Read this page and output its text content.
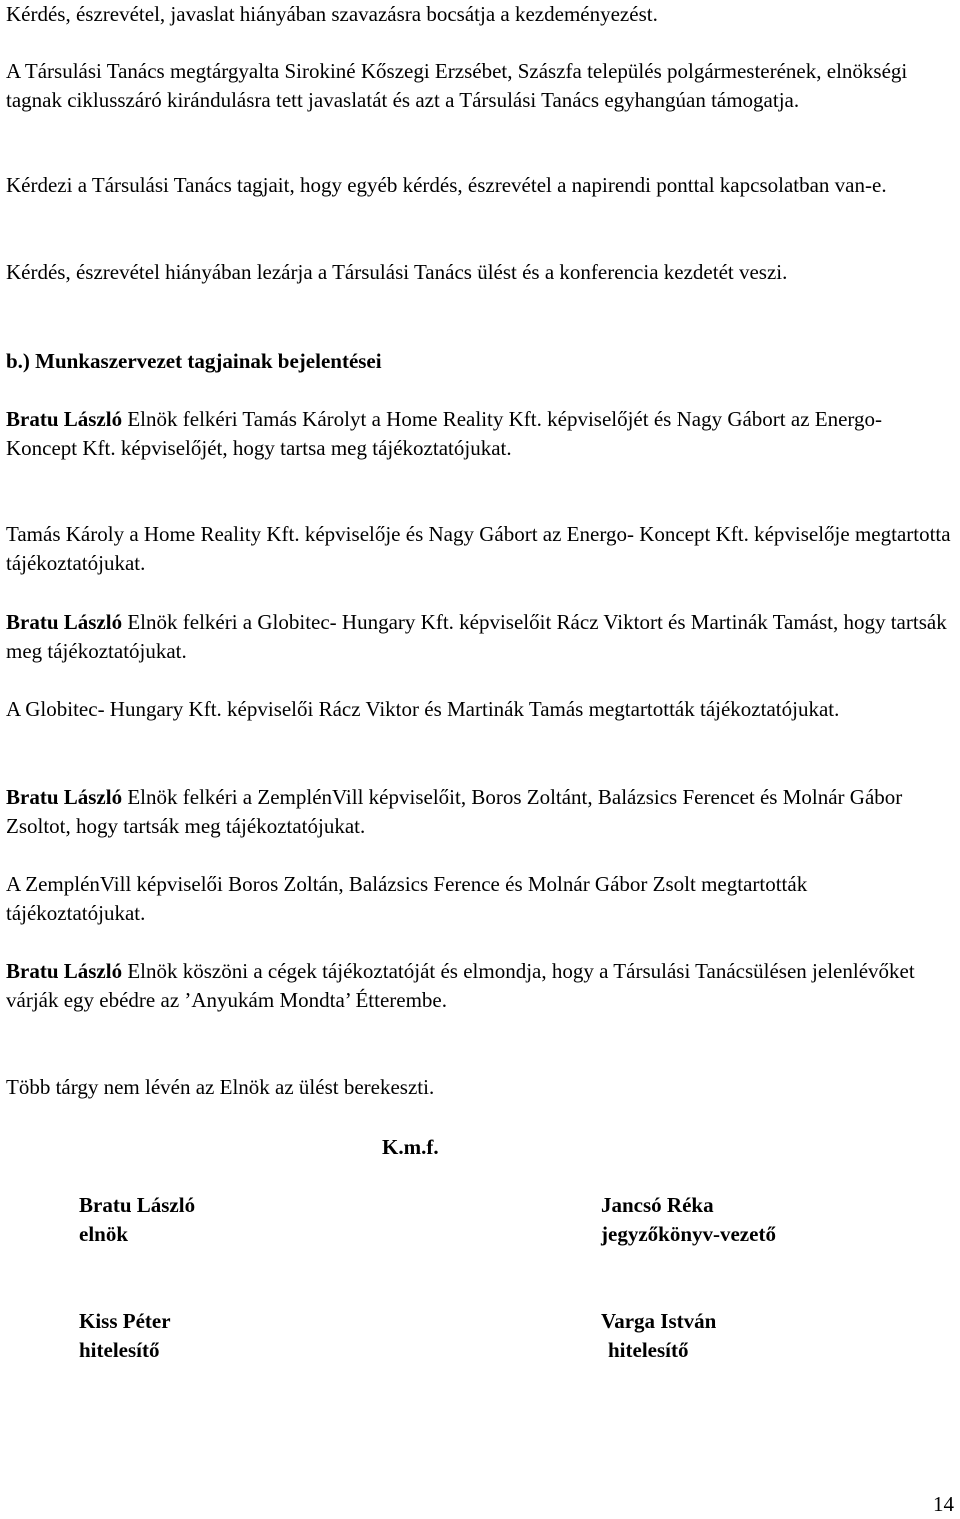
Kérdés, észrevétel, javaslat hiányában szavazásra bocsátja a kezdeményezést.

A Társulási Tanács megtárgyalta Sirokiné Kőszegi Erzsébet, Szászfa település polgármesterének, elnökségi tagnak ciklusszáró kirándulásra tett javaslatát és azt a Társulási Tanács egyhangúan támogatja.

Kérdezi a Társulási Tanács tagjait, hogy egyéb kérdés, észrevétel a napirendi ponttal kapcsolatban van-e.

Kérdés, észrevétel hiányában lezárja a Társulási Tanács ülést és a konferencia kezdetét veszi.

b.) Munkaszervezet tagjainak bejelentései

Bratu László Elnök felkéri Tamás Károlyt a Home Reality Kft. képviselőjét és Nagy Gábort az Energo- Koncept Kft. képviselőjét, hogy tartsa meg tájékoztatójukat.

Tamás Károly a Home Reality Kft. képviselője és Nagy Gábort az Energo- Koncept Kft. képviselője megtartotta tájékoztatójukat.

Bratu László Elnök felkéri a Globitec- Hungary Kft. képviselőit Rácz Viktort és Martinák Tamást, hogy tartsák meg tájékoztatójukat.

A Globitec- Hungary Kft. képviselői Rácz Viktor és Martinák Tamás megtartották tájékoztatójukat.

Bratu László Elnök felkéri a ZemplénVill képviselőit, Boros Zoltánt, Balázsics Ferencet és Molnár Gábor Zsoltot, hogy tartsák meg tájékoztatójukat.

A ZemplénVill képviselői Boros Zoltán, Balázsics Ference és Molnár Gábor Zsolt megtartották tájékoztatójukat.

Bratu László Elnök köszöni a cégek tájékoztatóját és elmondja, hogy a Társulási Tanácsülésen jelenlévőket várják egy ebédre az ’Anyukám Mondta’ Étterembe.

Több tárgy nem lévén az Elnök az ülést berekeszti.

K.m.f.
Bratu László
elnök
Jancsó Réka
jegyzőkönyv-vezető
Kiss Péter
hitelesítő
Varga István
hitelesítő
14
